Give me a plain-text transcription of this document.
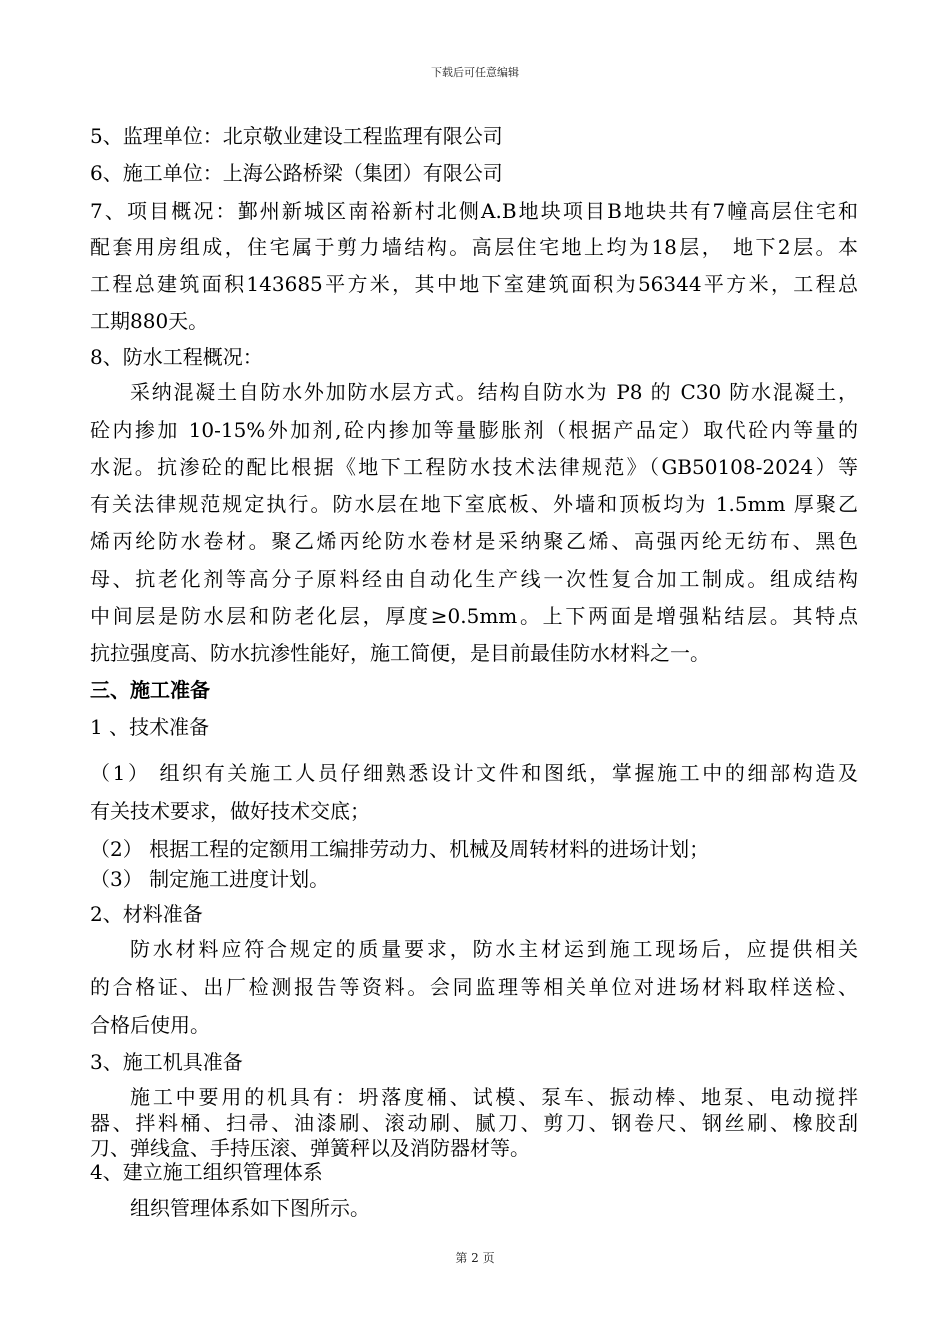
下载后可任意编辑
5、监理单位：北京敬业建设工程监理有限公司
6、施工单位：上海公路桥梁（集团）有限公司
7、项目概况：鄞州新城区南裕新村北侧A.B地块项目B地块共有7幢高层住宅和
配套用房组成，住宅属于剪力墙结构。高层住宅地上均为18层， 地下2层。本
工程总建筑面积143685平方米，其中地下室建筑面积为56344平方米，工程总
工期880天。
8、防水工程概况：
采纳混凝土自防水外加防水层方式。结构自防水为 P8 的 C30 防水混凝土，
砼内掺加 10-15%外加剂,砼内掺加等量膨胀剂（根据产品定）取代砼内等量的
水泥。抗渗砼的配比根据《地下工程防水技术法律规范》（GB50108-2024）等
有关法律规范规定执行。防水层在地下室底板、外墙和顶板均为 1.5mm 厚聚乙
烯丙纶防水卷材。聚乙烯丙纶防水卷材是采纳聚乙烯、高强丙纶无纺布、黑色
母、抗老化剂等高分子原料经由自动化生产线一次性复合加工制成。组成结构
中间层是防水层和防老化层，厚度≥0.5mm。上下两面是增强粘结层。其特点
抗拉强度高、防水抗渗性能好，施工简便，是目前最佳防水材料之一。
三、施工准备
1 、技术准备
（1） 组织有关施工人员仔细熟悉设计文件和图纸，掌握施工中的细部构造及
有关技术要求，做好技术交底；
（2） 根据工程的定额用工编排劳动力、机械及周转材料的进场计划；
（3） 制定施工进度计划。
2、材料准备
防水材料应符合规定的质量要求，防水主材运到施工现场后，应提供相关
的合格证、出厂检测报告等资料。会同监理等相关单位对进场材料取样送检、
合格后使用。
3、施工机具准备
施工中要用的机具有：坍落度桶、试模、泵车、振动棒、地泵、电动搅拌
器、拌料桶、扫帚、油漆刷、滚动刷、腻刀、剪刀、钢卷尺、钢丝刷、橡胶刮
刀、弹线盒、手持压滚、弹簧秤以及消防器材等。
4、建立施工组织管理体系
组织管理体系如下图所示。
第 2 页
